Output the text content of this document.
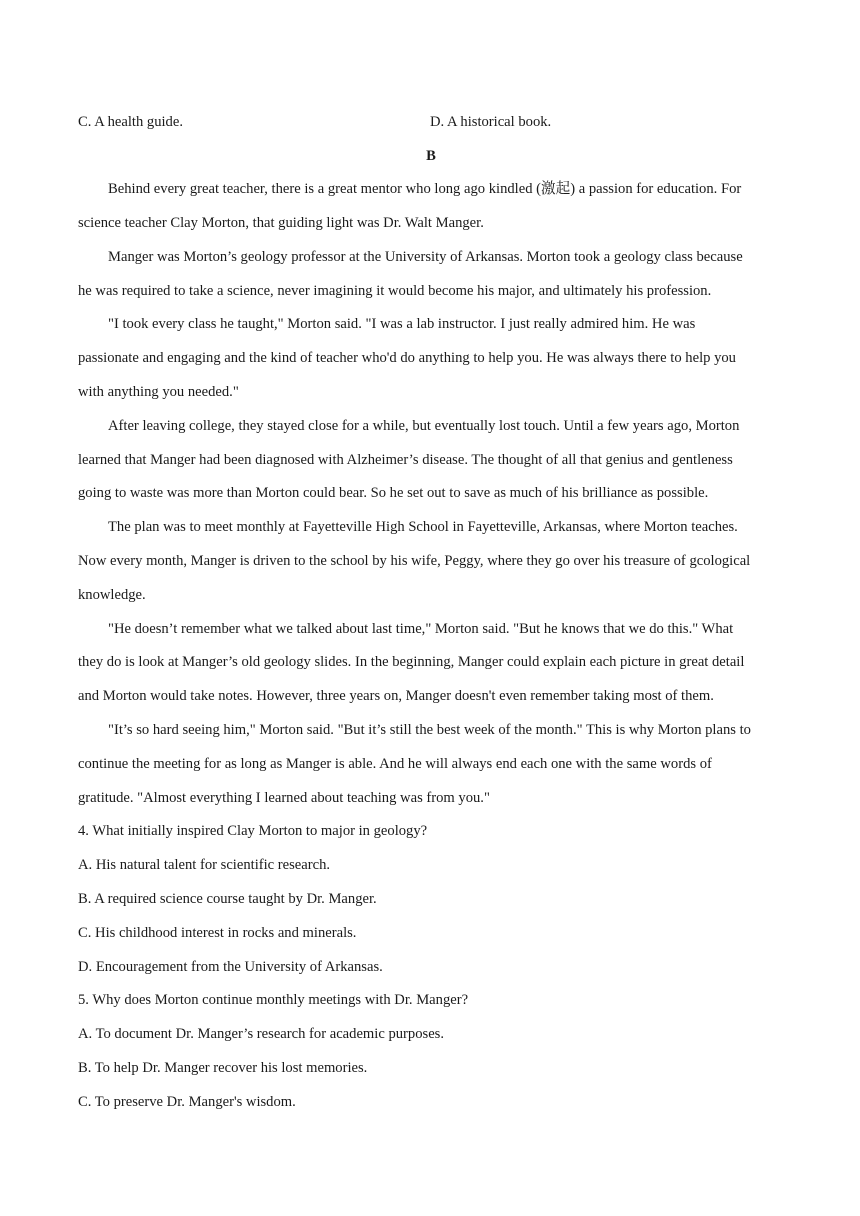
C. A health guide.	D. A historical book.
B
Behind every great teacher, there is a great mentor who long ago kindled (激起) a passion for education. For
science teacher Clay Morton, that guiding light was Dr. Walt Manger.
Manger was Morton’s geology professor at the University of Arkansas. Morton took a geology class because
he was required to take a science, never imagining it would become his major, and ultimately his profession.
"I took every class he taught," Morton said. "I was a lab instructor. I just really admired him. He was
passionate and engaging and the kind of teacher who'd do anything to help you. He was always there to help you
with anything you needed."
After leaving college, they stayed close for a while, but eventually lost touch. Until a few years ago, Morton
learned that Manger had been diagnosed with Alzheimer’s disease. The thought of all that genius and gentleness
going to waste was more than Morton could bear. So he set out to save as much of his brilliance as possible.
The plan was to meet monthly at Fayetteville High School in Fayetteville, Arkansas, where Morton teaches.
Now every month, Manger is driven to the school by his wife, Peggy, where they go over his treasure of gcological
knowledge.
"He doesn’t remember what we talked about last time," Morton said. "But he knows that we do this." What
they do is look at Manger’s old geology slides. In the beginning, Manger could explain each picture in great detail
and Morton would take notes. However, three years on, Manger doesn't even remember taking most of them.
"It’s so hard seeing him," Morton said. "But it’s still the best week of the month." This is why Morton plans to
continue the meeting for as long as Manger is able. And he will always end each one with the same words of
gratitude. "Almost everything I learned about teaching was from you."
4. What initially inspired Clay Morton to major in geology?
A. His natural talent for scientific research.
B. A required science course taught by Dr. Manger.
C. His childhood interest in rocks and minerals.
D. Encouragement from the University of Arkansas.
5. Why does Morton continue monthly meetings with Dr. Manger?
A. To document Dr. Manger’s research for academic purposes.
B. To help Dr. Manger recover his lost memories.
C. To preserve Dr. Manger's wisdom.
